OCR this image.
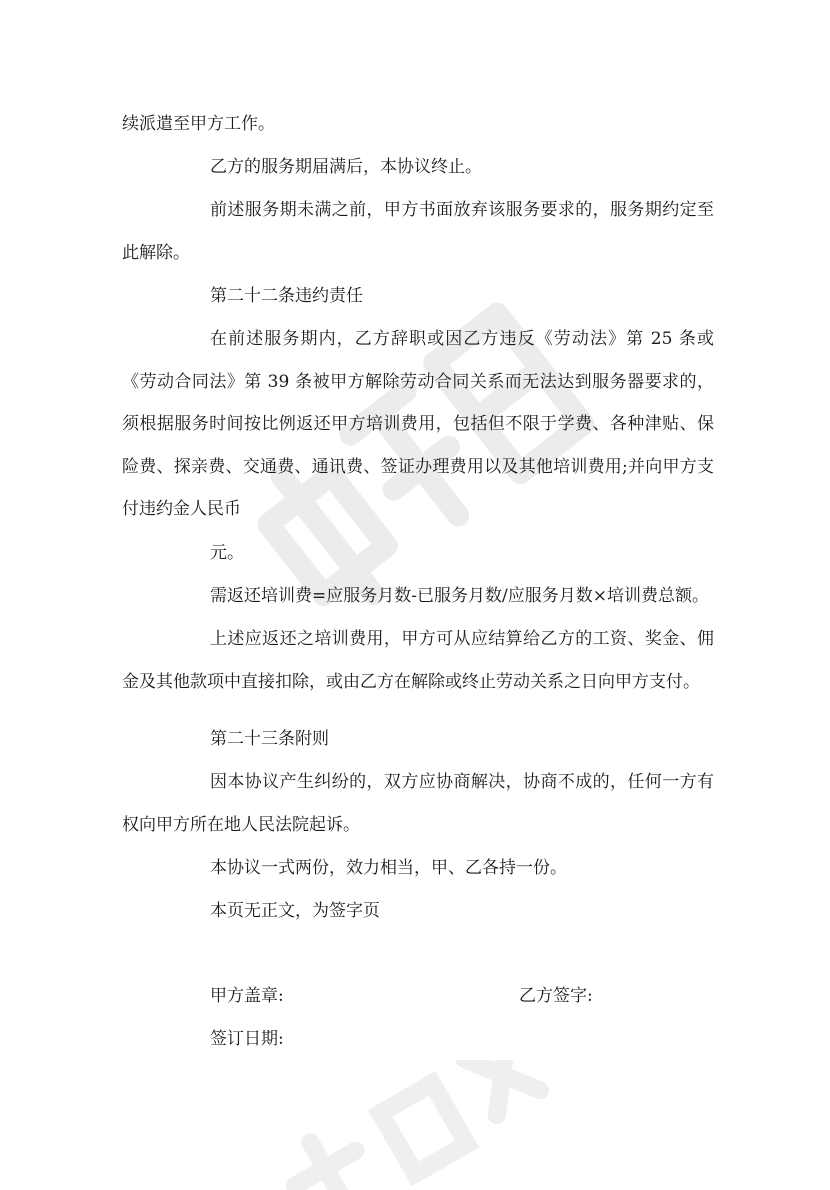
续派遣至甲方工作。

乙方的服务期届满后，本协议终止。

前述服务期未满之前，甲方书面放弃该服务要求的，服务期约定至此解除。

第二十二条违约责任

在前述服务期内，乙方辞职或因乙方违反《劳动法》第 25 条或《劳动合同法》第 39 条被甲方解除劳动合同关系而无法达到服务器要求的，须根据服务时间按比例返还甲方培训费用，包括但不限于学费、各种津贴、保险费、探亲费、交通费、通讯费、签证办理费用以及其他培训费用;并向甲方支付违约金人民币

元。

需返还培训费=应服务月数-已服务月数/应服务月数×培训费总额。

上述应返还之培训费用，甲方可从应结算给乙方的工资、奖金、佣金及其他款项中直接扣除，或由乙方在解除或终止劳动关系之日向甲方支付。

第二十三条附则

因本协议产生纠纷的，双方应协商解决，协商不成的，任何一方有权向甲方所在地人民法院起诉。

本协议一式两份，效力相当，甲、乙各持一份。

本页无正文，为签字页

甲方盖章:	乙方签字:

签订日期:
